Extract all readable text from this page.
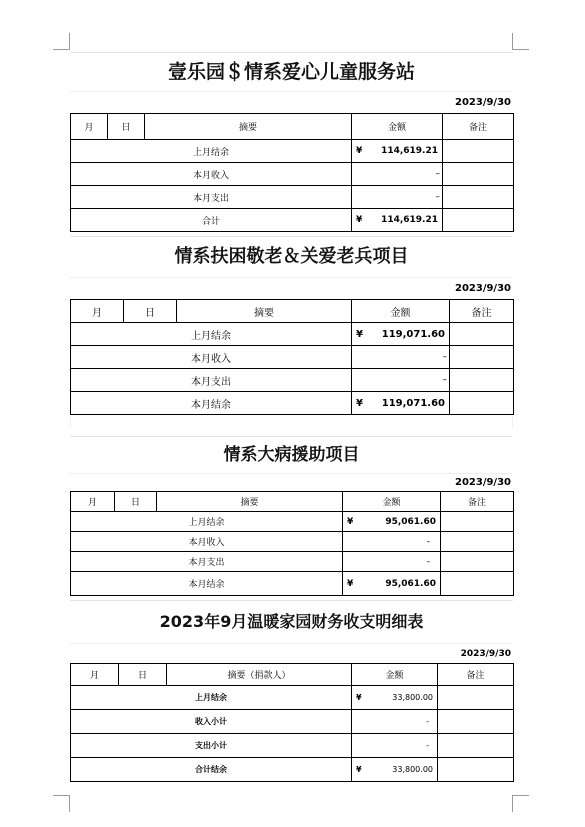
壹乐园＄情系爱心儿童服务站
2023/9/30
月	日	摘要	金额	备注
上月结余			¥ 114,619.21	

本月收入			–	
本月支出			–	
合计			¥ 114,619.21	

情系扶困敬老＆关爱老兵项目
2023/9/30
月	日	摘要	金额	备注
上月结余			¥ 119,071.60	

本月收入			–	
本月支出			–	
本月结余			¥ 119,071.60	

情系大病援助项目
2023/9/30
月	日	摘要	金额	备注
上月结余			¥ 95,061.60	

本月收入			-	
本月支出			-	
本月结余			¥ 95,061.60	

2023年9月温暖家园财务收支明细表
2023/9/30
月	日	摘要（捐款人）	金额	备注
上月结余			¥ 33,800.00	

收入小计			-	
支出小计			-	
合计结余			¥ 33,800.00	
